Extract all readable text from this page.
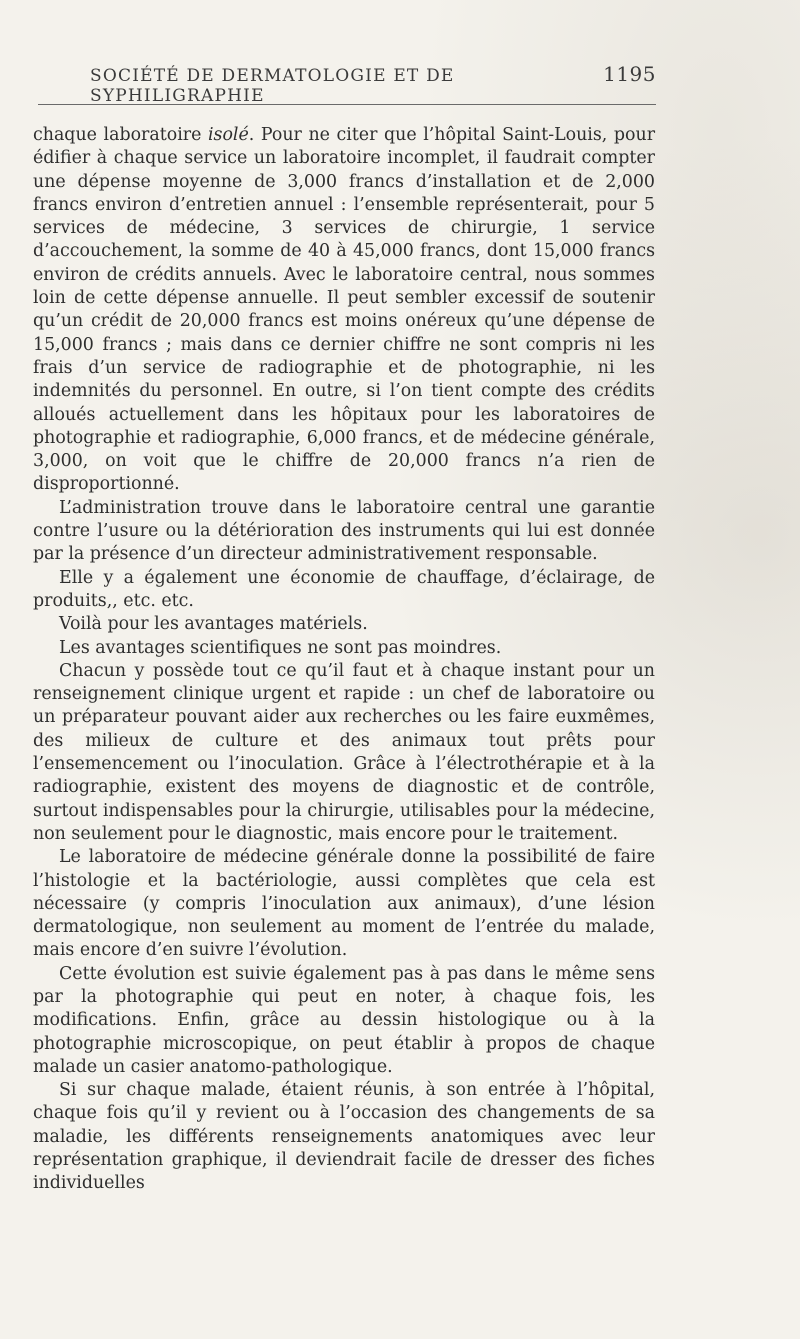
SOCIÉTÉ DE DERMATOLOGIE ET DE SYPHILIGRAPHIE
1195

chaque laboratoire isolé. Pour ne citer que l’hôpital Saint-Louis, pour édifier à chaque service un laboratoire incomplet, il faudrait compter une dépense moyenne de 3,000 francs d’installation et de 2,000 francs environ d’entretien annuel : l’ensemble représenterait, pour 5 services de médecine, 3 services de chirurgie, 1 service d’accouchement, la somme de 40 à 45,000 francs, dont 15,000 francs environ de crédits annuels. Avec le laboratoire central, nous sommes loin de cette dépense annuelle. Il peut sembler excessif de soutenir qu’un crédit de 20,000 francs est moins onéreux qu’une dépense de 15,000 francs ; mais dans ce dernier chiffre ne sont compris ni les frais d’un service de radiographie et de photographie, ni les indemnités du personnel. En outre, si l’on tient compte des crédits alloués actuellement dans les hôpitaux pour les laboratoires de photographie et radiographie, 6,000 francs, et de médecine générale, 3,000, on voit que le chiffre de 20,000 francs n’a rien de disproportionné.

L’administration trouve dans le laboratoire central une garantie contre l’usure ou la détérioration des instruments qui lui est donnée par la présence d’un directeur administrativement responsable.

Elle y a également une économie de chauffage, d’éclairage, de produits,, etc. etc.

Voilà pour les avantages matériels.

Les avantages scientifiques ne sont pas moindres.

Chacun y possède tout ce qu’il faut et à chaque instant pour un renseignement clinique urgent et rapide : un chef de laboratoire ou un préparateur pouvant aider aux recherches ou les faire euxmêmes, des milieux de culture et des animaux tout prêts pour l’ensemencement ou l’inoculation. Grâce à l’électrothérapie et à la radiographie, existent des moyens de diagnostic et de contrôle, surtout indispensables pour la chirurgie, utilisables pour la médecine, non seulement pour le diagnostic, mais encore pour le traitement.

Le laboratoire de médecine générale donne la possibilité de faire l’histologie et la bactériologie, aussi complètes que cela est nécessaire (y compris l’inoculation aux animaux), d’une lésion dermatologique, non seulement au moment de l’entrée du malade, mais encore d’en suivre l’évolution.

Cette évolution est suivie également pas à pas dans le même sens par la photographie qui peut en noter, à chaque fois, les modifications. Enfin, grâce au dessin histologique ou à la photographie microscopique, on peut établir à propos de chaque malade un casier anatomo-pathologique.

Si sur chaque malade, étaient réunis, à son entrée à l’hôpital, chaque fois qu’il y revient ou à l’occasion des changements de sa maladie, les différents renseignements anatomiques avec leur représentation graphique, il deviendrait facile de dresser des fiches individuelles
